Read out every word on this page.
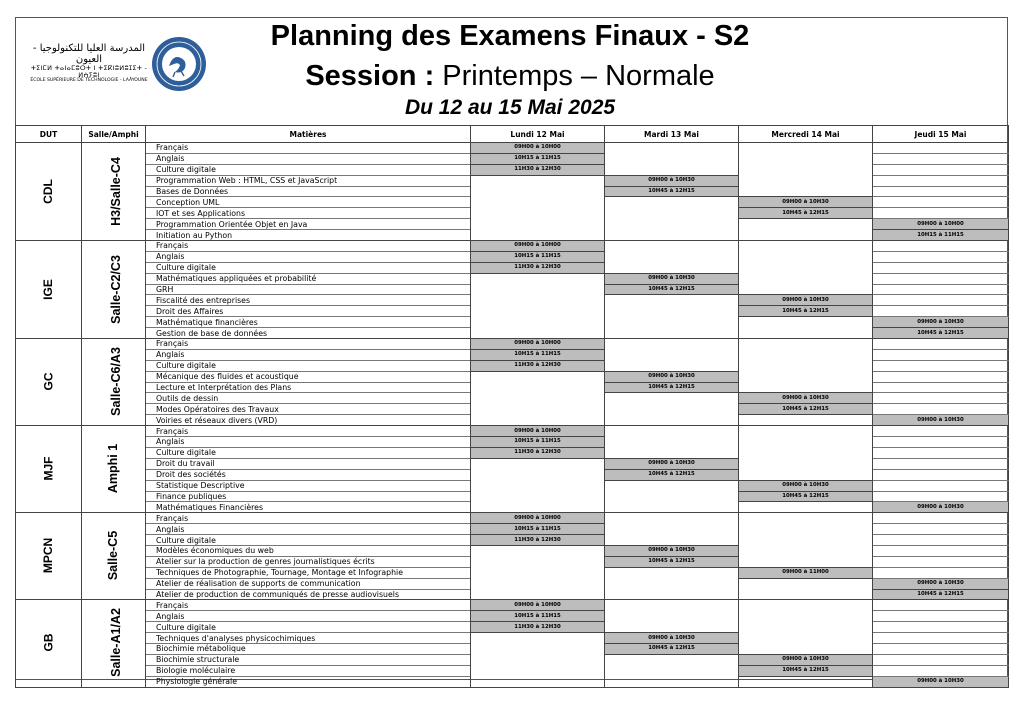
المدرسة العليا للتكنولوجيا - العيون
ⵜⵉⵏⵎⵍ ⵜⴰⵏⴰⵎⵓⵔⵜ ⵏ ⵜⵉⴽⵏⵓⵍⵓⵊⵉⵜ - ⵍⵄⵢⵓⵏ
ÉCOLE SUPÉRIEURE DE TECHNOLOGIE - LAÂYOUNE
Planning des Examens Finaux - S2
Session : Printemps – Normale
Du 12 au 15 Mai 2025
DUT	Salle/Amphi	Matières	Lundi 12 Mai	Mardi 13 Mai	Mercredi 14 Mai	Jeudi 15 Mai
CDL	H3/Salle-C4	Français	09H00 à 10H00			
		Anglais	10H15 à 11H15			
		Culture digitale	11H30 à 12H30			
		Programmation Web : HTML, CSS et JavaScript		09H00 à 10H30		
		Bases de Données		10H45 à 12H15		
		Conception UML			09H00 à 10H30	
		IOT et ses Applications			10H45 à 12H15	
		Programmation Orientée Objet en Java				09H00 à 10H00
		Initiation au Python				10H15 à 11H15
IGE	Salle-C2/C3	Français	09H00 à 10H00			
		Anglais	10H15 à 11H15			
		Culture digitale	11H30 à 12H30			
		Mathématiques appliquées et probabilité		09H00 à 10H30		
		GRH		10H45 à 12H15		
		Fiscalité des entreprises			09H00 à 10H30	
		Droit des Affaires			10H45 à 12H15	
		Mathématique financières				09H00 à 10H30
		Gestion de base de données				10H45 à 12H15
GC	Salle-C6/A3	Français	09H00 à 10H00			
		Anglais	10H15 à 11H15			
		Culture digitale	11H30 à 12H30			
		Mécanique des fluides et acoustique		09H00 à 10H30		
		Lecture et Interprétation des Plans		10H45 à 12H15		
		Outils de dessin			09H00 à 10H30	
		Modes Opératoires des Travaux			10H45 à 12H15	
		Voiries et réseaux divers (VRD)				09H00 à 10H30
MJF	Amphi 1	Français	09H00 à 10H00			
		Anglais	10H15 à 11H15			
		Culture digitale	11H30 à 12H30			
		Droit du travail		09H00 à 10H30		
		Droit des sociétés		10H45 à 12H15		
		Statistique Descriptive			09H00 à 10H30	
		Finance publiques			10H45 à 12H15	
		Mathématiques Financières				09H00 à 10H30
MPCN	Salle-C5	Français	09H00 à 10H00			
		Anglais	10H15 à 11H15			
		Culture digitale	11H30 à 12H30			
		Modèles économiques du web		09H00 à 10H30		
		Atelier sur la production de genres journalistiques écrits		10H45 à 12H15		
		Techniques de Photographie, Tournage, Montage et Infographie			09H00 à 11H00	
		Atelier de réalisation de supports de communication				09H00 à 10H30
		Atelier de production de communiqués de presse audiovisuels				10H45 à 12H15
GB	Salle-A1/A2	Français	09H00 à 10H00			
		Anglais	10H15 à 11H15			
		Culture digitale	11H30 à 12H30			
		Techniques d'analyses physicochimiques		09H00 à 10H30		
		Biochimie métabolique		10H45 à 12H15		
		Biochimie structurale			09H00 à 10H30	
		Biologie moléculaire			10H45 à 12H15	
		Physiologie générale				09H00 à 10H30
